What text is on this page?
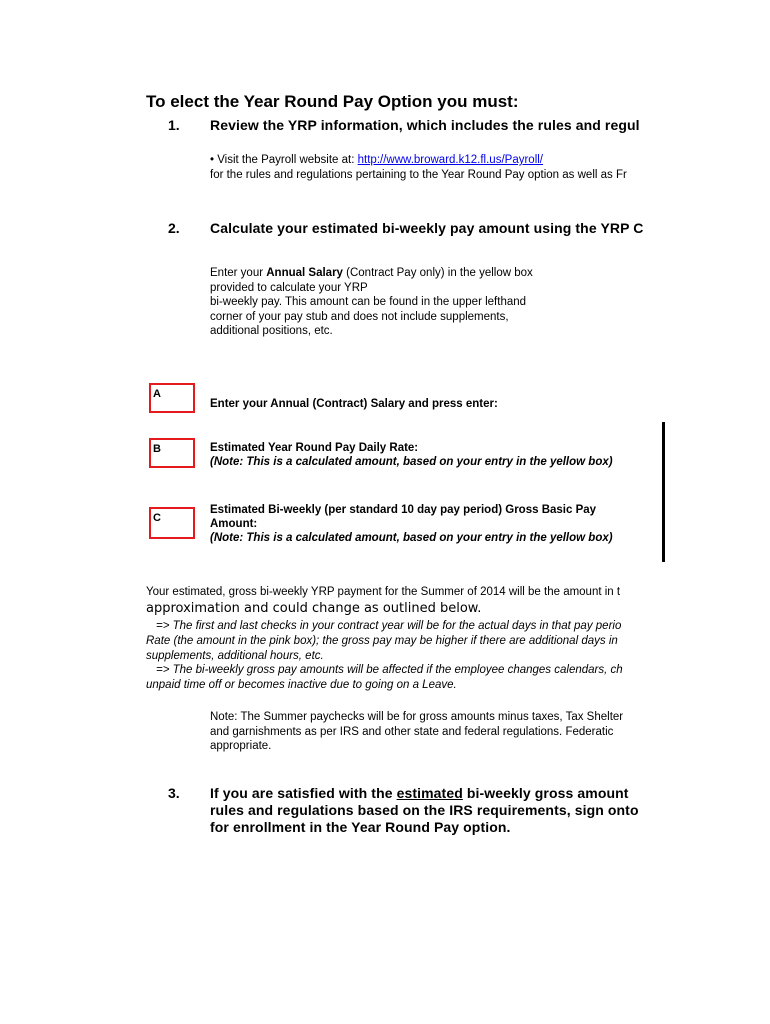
To elect the Year Round Pay Option you must:
1. Review the YRP information, which includes the rules and regul
• Visit the Payroll website at: http://www.broward.k12.fl.us/Payroll/
for the rules and regulations pertaining to the Year Round Pay option as well as Fr
2. Calculate your estimated bi-weekly pay amount using the YRP C
Enter your Annual Salary (Contract Pay only) in the yellow box
provided to calculate your YRP
bi-weekly pay. This amount can be found in the upper lefthand
corner of your pay stub and does not include supplements,
additional positions, etc.
A
Enter your Annual (Contract) Salary and press enter:
B	Estimated Year Round Pay Daily Rate:
(Note: This is a calculated amount, based on your entry in the yellow box)
C
Estimated Bi-weekly (per standard 10 day pay period) Gross Basic Pay
Amount:
(Note: This is a calculated amount, based on your entry in the yellow box)
Your estimated, gross bi-weekly YRP payment for the Summer of 2014 will be the amount in t
approximation and could change as outlined below.
=> The first and last checks in your contract year will be for the actual days in that pay perio
Rate (the amount in the pink box); the gross pay may be higher if there are additional days in
supplements, additional hours, etc.
=> The bi-weekly gross pay amounts will be affected if the employee changes calendars, ch
unpaid time off or becomes inactive due to going on a Leave.
Note: The Summer paychecks will be for gross amounts minus taxes, Tax Shelter
and garnishments as per IRS and other state and federal regulations. Federatic
appropriate.
3. If you are satisfied with the estimated bi-weekly gross amount
rules and regulations based on the IRS requirements, sign onto
for enrollment in the Year Round Pay option.
